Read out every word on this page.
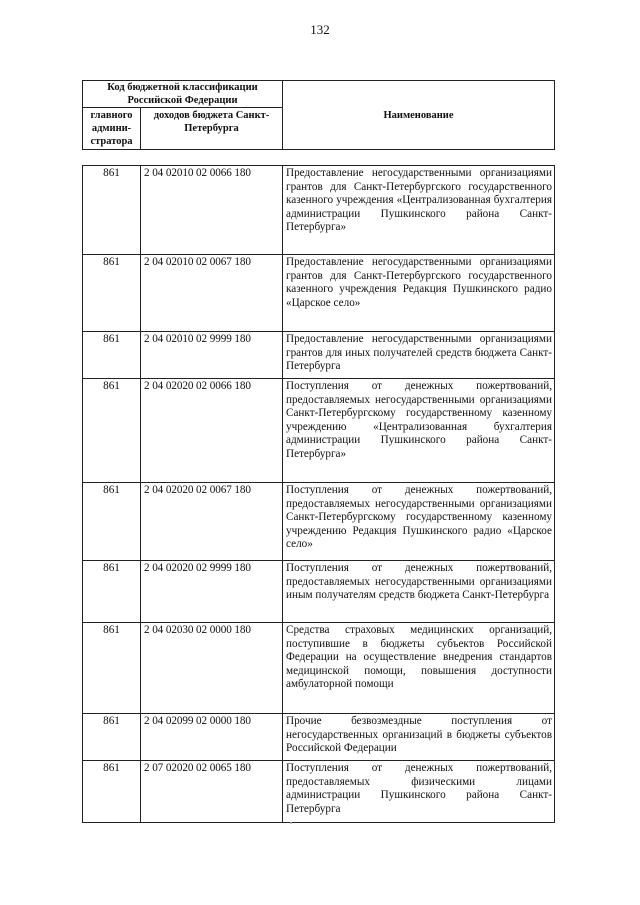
132
Код бюджетной классификации Российской Федерации		Наименование
главного админи-стратора	доходов бюджета Санкт-Петербурга	
861	2 04 02010 02 0066 180	Предоставление негосударственными организациями грантов для Санкт-Петербургского государственного казенного учреждения «Централизованная бухгалтерия администрации Пушкинского района Санкт-Петербурга»
861	2 04 02010 02 0067 180	Предоставление негосударственными организациями грантов для Санкт-Петербургского государственного казенного учреждения Редакция Пушкинского радио «Царское село»
861	2 04 02010 02 9999 180	Предоставление негосударственными организациями грантов для иных получателей средств бюджета Санкт-Петербурга
861	2 04 02020 02 0066 180	Поступления от денежных пожертвований, предоставляемых негосударственными организациями Санкт-Петербургскому государственному казенному учреждению «Централизованная бухгалтерия администрации Пушкинского района Санкт-Петербурга»
861	2 04 02020 02 0067 180	Поступления от денежных пожертвований, предоставляемых негосударственными организациями Санкт-Петербургскому государственному казенному учреждению Редакция Пушкинского радио «Царское село»
861	2 04 02020 02 9999 180	Поступления от денежных пожертвований, предоставляемых негосударственными организациями иным получателям средств бюджета Санкт-Петербурга
861	2 04 02030 02 0000 180	Средства страховых медицинских организаций, поступившие в бюджеты субъектов Российской Федерации на осуществление внедрения стандартов медицинской помощи, повышения доступности амбулаторной помощи
861	2 04 02099 02 0000 180	Прочие безвозмездные поступления от негосударственных организаций в бюджеты субъектов Российской Федерации
861	2 07 02020 02 0065 180	Поступления от денежных пожертвований, предоставляемых физическими лицами администрации Пушкинского района Санкт-Петербурга
